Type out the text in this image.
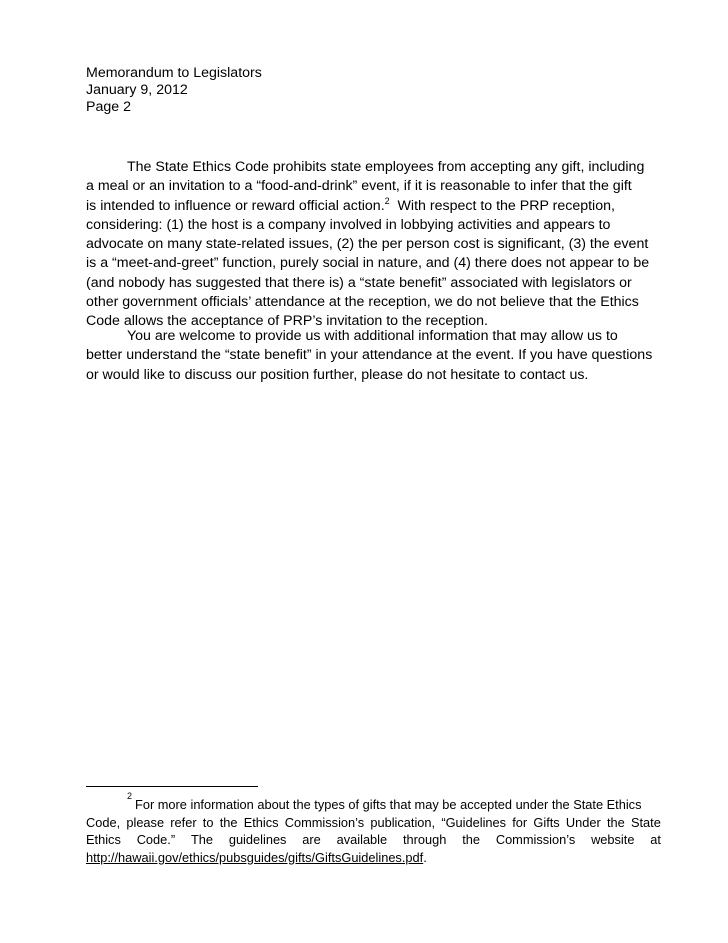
Memorandum to Legislators
January 9, 2012
Page 2
The State Ethics Code prohibits state employees from accepting any gift, including
a meal or an invitation to a “food-and-drink” event, if it is reasonable to infer that the gift
is intended to influence or reward official action.$^2$  With respect to the PRP reception,
considering: (1) the host is a company involved in lobbying activities and appears to
advocate on many state-related issues, (2) the per person cost is significant, (3) the event
is a “meet-and-greet” function, purely social in nature, and (4) there does not appear to be
(and nobody has suggested that there is) a “state benefit” associated with legislators or
other government officials’ attendance at the reception, we do not believe that the Ethics
Code allows the acceptance of PRP’s invitation to the reception.
You are welcome to provide us with additional information that may allow us to
better understand the “state benefit” in your attendance at the event. If you have questions
or would like to discuss our position further, please do not hesitate to contact us.
2
For more information about the types of gifts that may be accepted under the State Ethics
Code, please refer to the Ethics Commission’s publication, “Guidelines for Gifts Under the State
Ethics Code.” The guidelines are available through the Commission’s website at
http://hawaii.gov/ethics/pubsguides/gifts/GiftsGuidelines.pdf .
